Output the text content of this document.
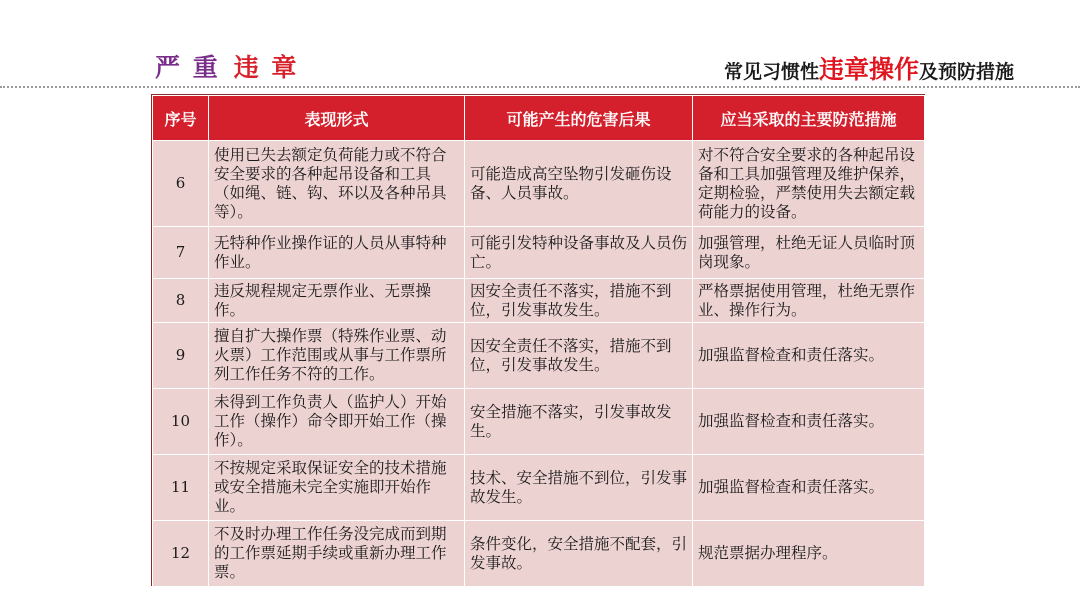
严 重 违 章	常见习惯性违章操作及预防措施
序号	表现形式	可能产生的危害后果	应当采取的主要防范措施
6	使用已失去额定负荷能力或不符合安全要求的各种起吊设备和工具（如绳、链、钩、环以及各种吊具等）。	可能造成高空坠物引发砸伤设备、人员事故。	对不符合安全要求的各种起吊设备和工具加强管理及维护保养，定期检验，严禁使用失去额定载荷能力的设备。
7	无特种作业操作证的人员从事特种作业。	可能引发特种设备事故及人员伤亡。	加强管理，杜绝无证人员临时顶岗现象。
8	违反规程规定无票作业、无票操作。	因安全责任不落实，措施不到位，引发事故发生。	严格票据使用管理，杜绝无票作业、操作行为。
9	擅自扩大操作票（特殊作业票、动火票）工作范围或从事与工作票所列工作任务不符的工作。	因安全责任不落实，措施不到位，引发事故发生。	加强监督检查和责任落实。
10	未得到工作负责人（监护人）开始工作（操作）命令即开始工作（操作）。	安全措施不落实，引发事故发生。	加强监督检查和责任落实。
11	不按规定采取保证安全的技术措施或安全措施未完全实施即开始作业。	技术、安全措施不到位，引发事故发生。	加强监督检查和责任落实。
12	不及时办理工作任务没完成而到期的工作票延期手续或重新办理工作票。	条件变化，安全措施不配套，引发事故。	规范票据办理程序。
